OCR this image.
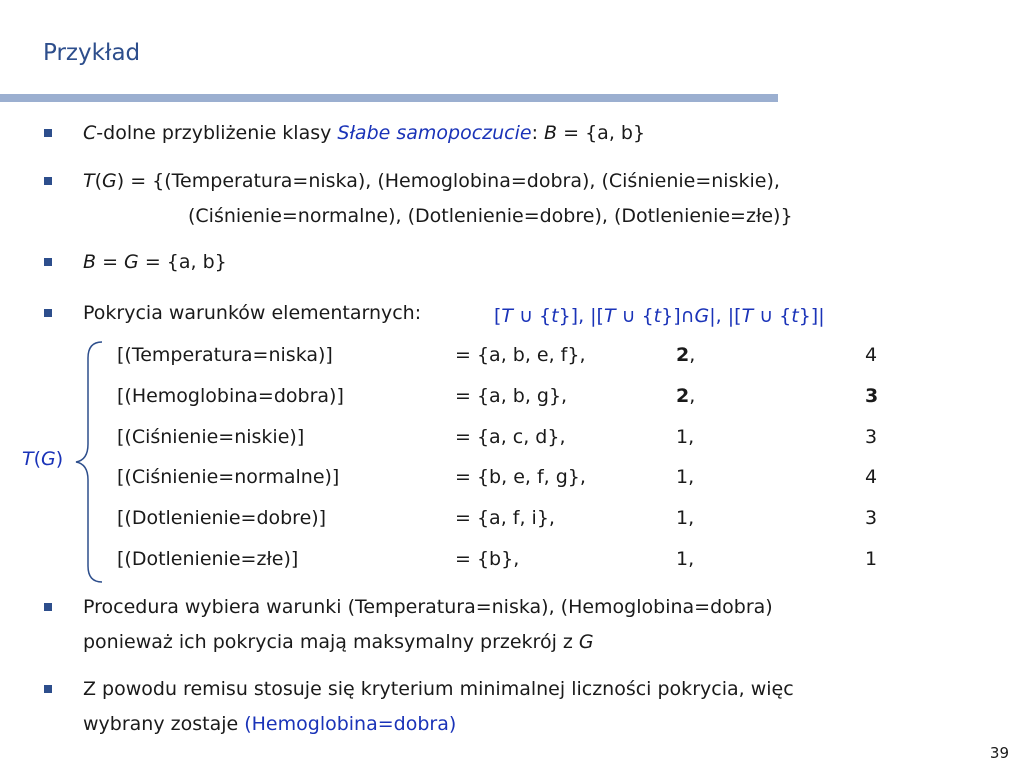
Przykład
C-dolne przybliżenie klasy Słabe samopoczucie: B = {a, b}
T(G) = {(Temperatura=niska), (Hemoglobina=dobra), (Ciśnienie=niskie),
(Ciśnienie=normalne), (Dotlenienie=dobre), (Dotlenienie=złe)}
B = G = {a, b}
Pokrycia warunków elementarnych:	[T ∪ {t}], |[T ∪ {t}]∩G|, |[T ∪ {t}]|
T(G)
[(Temperatura=niska)]	= {a, b, e, f},	2,	4
[(Hemoglobina=dobra)]	= {a, b, g},	2,	3
[(Ciśnienie=niskie)]	= {a, c, d},	1,	3
[(Ciśnienie=normalne)]	= {b, e, f, g},	1,	4
[(Dotlenienie=dobre)]	= {a, f, i},	1,	3
[(Dotlenienie=złe)]	= {b},	1,	1
Procedura wybiera warunki (Temperatura=niska), (Hemoglobina=dobra)
ponieważ ich pokrycia mają maksymalny przekrój z G
Z powodu remisu stosuje się kryterium minimalnej liczności pokrycia, więc
wybrany zostaje (Hemoglobina=dobra)
39
